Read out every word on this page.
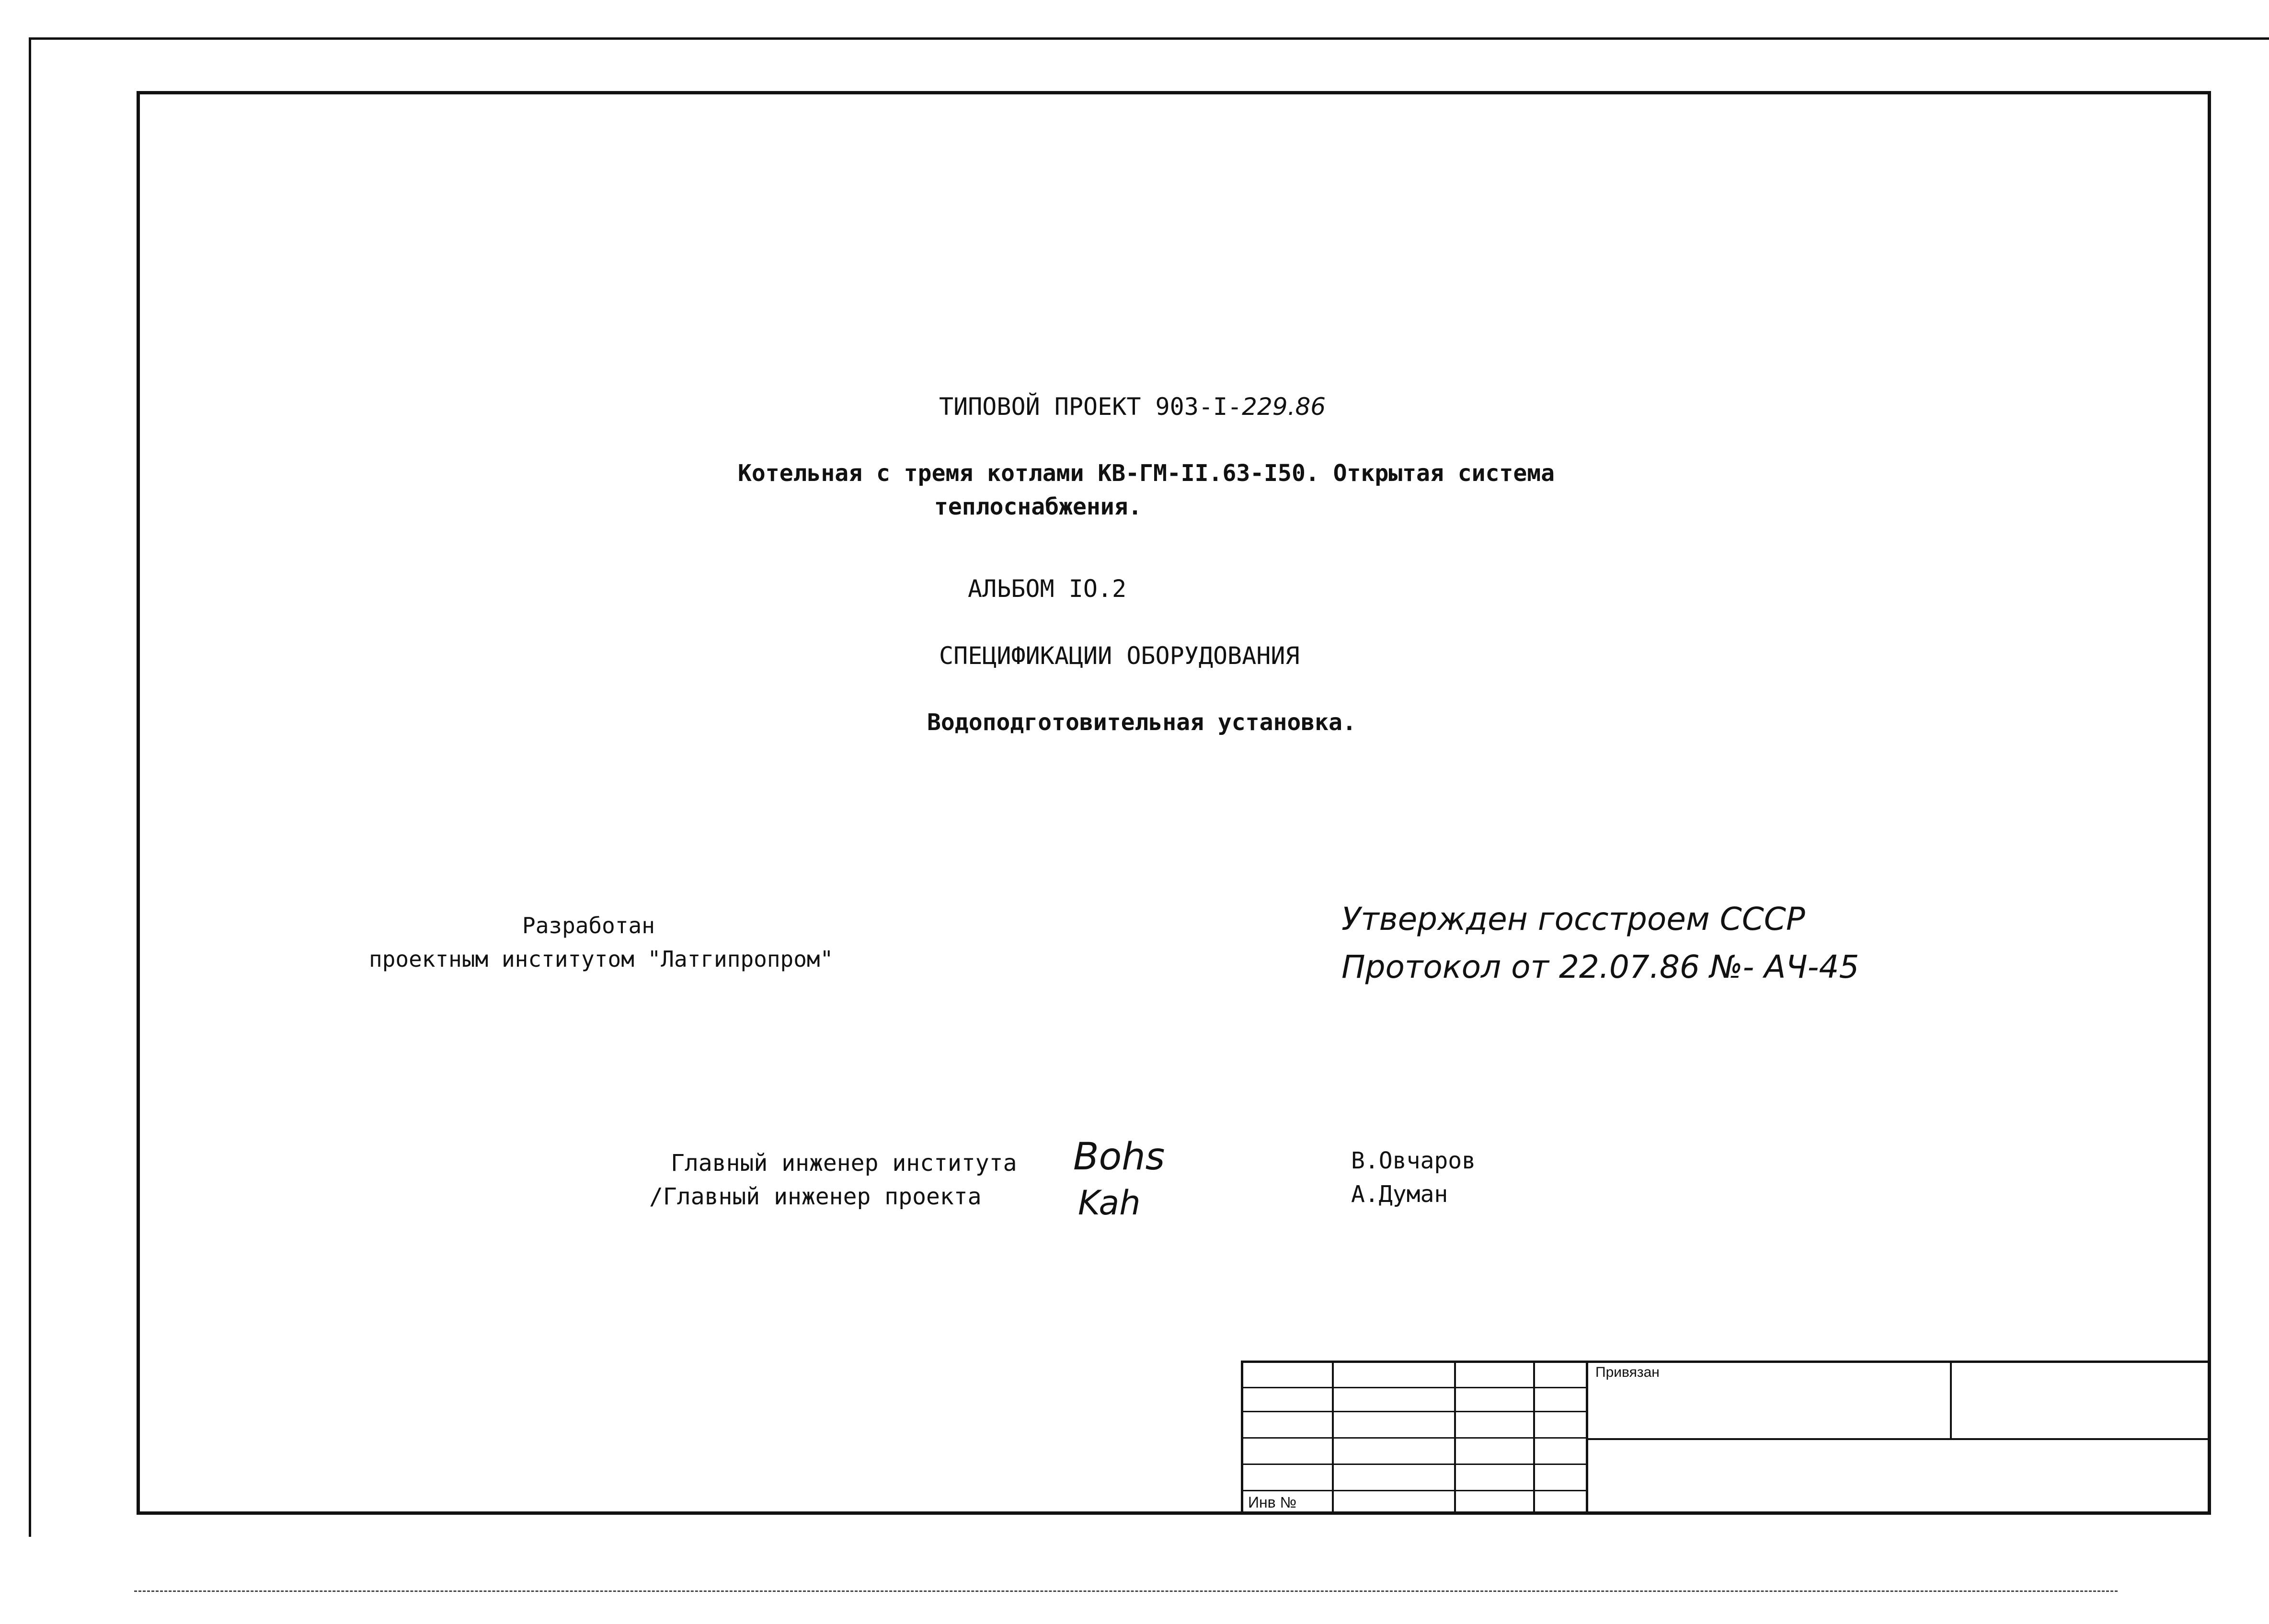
ТИПОВОЙ ПРОЕКТ 903-I-229.86
Котельная с тремя котлами КВ-ГМ-II.63-I50. Открытая система
теплоснабжения.
АЛЬБОМ IO.2
СПЕЦИФИКАЦИИ ОБОРУДОВАНИЯ
Водоподготовительная установка.
Разработан
проектным институтом "Латгипропром"
Утвержден госстроем СССР
Протокол от 22.07.86 №- АЧ-45
Главный инженер института
/Главный инженер проекта
Bohs
Kah
В.Овчаров
А.Думан
Привязан
Инв №
